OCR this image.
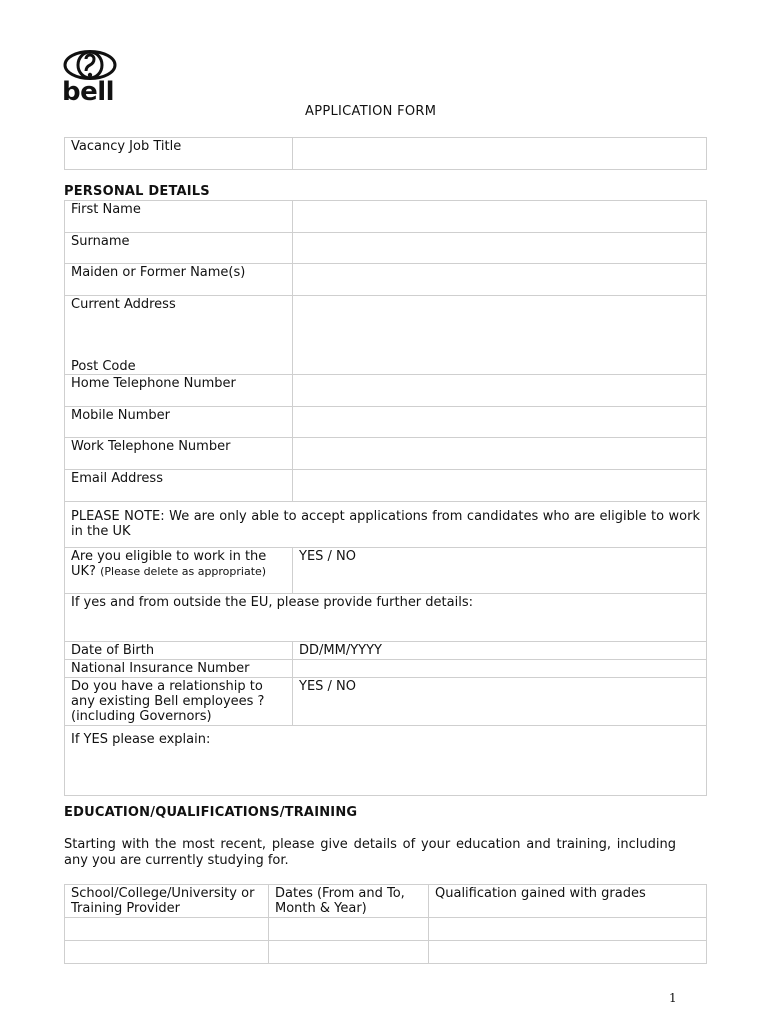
bell
APPLICATION FORM
Vacancy Job Title	
PERSONAL DETAILS
First Name	
Surname	
Maiden or Former Name(s)	

Current Address
Post Code	

Home Telephone Number	
Mobile Number	
Work Telephone Number	
Email Address	
PLEASE NOTE: We are only able to accept applications from candidates who are eligible to work in the UK	
Are you eligible to work in the UK? (Please delete as appropriate)	YES / NO
If yes and from outside the EU, please provide further details:	
Date of Birth	DD/MM/YYYY
National Insurance Number	
Do you have a relationship to any existing Bell employees ? (including Governors)	YES / NO
If YES please explain:	
EDUCATION/QUALIFICATIONS/TRAINING
Starting with the most recent, please give details of your education and training, including any you are currently studying for.
School/College/University or Training Provider	Dates (From and To, Month & Year)	Qualification gained with grades

1
